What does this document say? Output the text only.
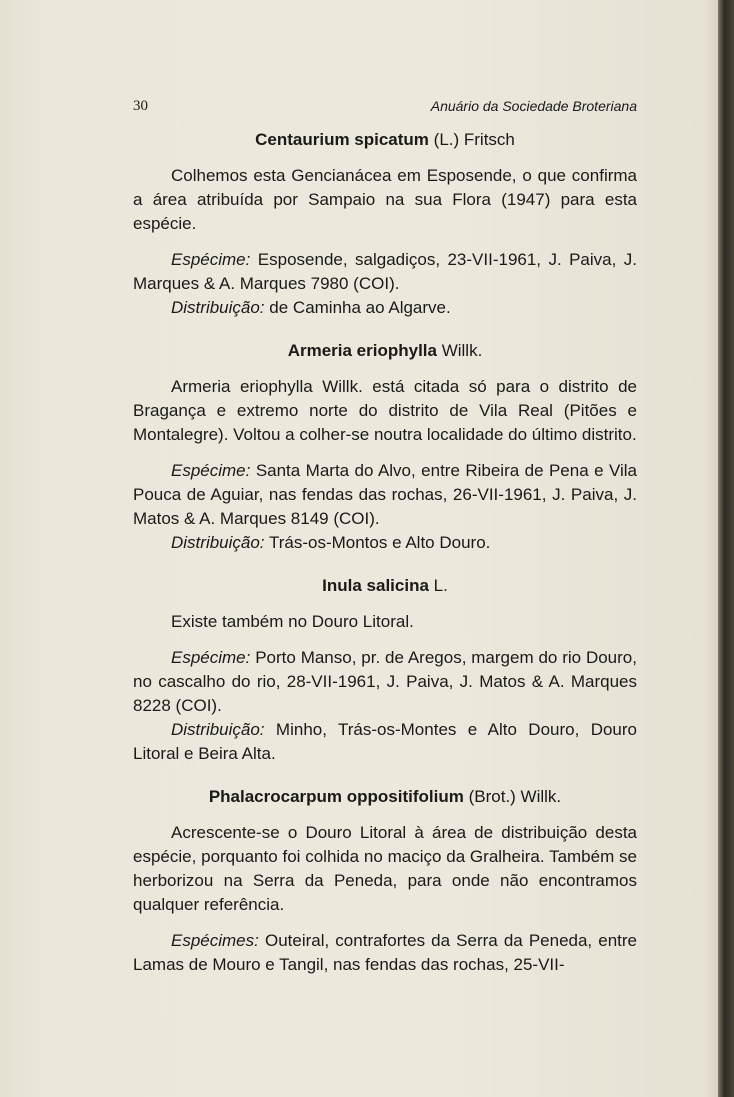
30	Anuário da Sociedade Broteriana
Centaurium spicatum (L.) Fritsch

Colhemos esta Gencianácea em Esposende, o que confirma a área atribuída por Sampaio na sua Flora (1947) para esta espécie.

Espécime: Esposende, salgadiços, 23-VII-1961, J. Paiva, J. Marques & A. Marques 7980 (COI).

Distribuição: de Caminha ao Algarve.

Armeria eriophylla Willk.

Armeria eriophylla Willk. está citada só para o distrito de Bragança e extremo norte do distrito de Vila Real (Pitões e Montalegre). Voltou a colher-se noutra localidade do último distrito.

Espécime: Santa Marta do Alvo, entre Ribeira de Pena e Vila Pouca de Aguiar, nas fendas das rochas, 26-VII-1961, J. Paiva, J. Matos & A. Marques 8149 (COI).

Distribuição: Trás-os-Montos e Alto Douro.

Inula salicina L.

Existe também no Douro Litoral.

Espécime: Porto Manso, pr. de Aregos, margem do rio Douro, no cascalho do rio, 28-VII-1961, J. Paiva, J. Matos & A. Marques 8228 (COI).

Distribuição: Minho, Trás-os-Montes e Alto Douro, Douro Litoral e Beira Alta.

Phalacrocarpum oppositifolium (Brot.) Willk.

Acrescente-se o Douro Litoral à área de distribuição desta espécie, porquanto foi colhida no maciço da Gralheira. Também se herborizou na Serra da Peneda, para onde não encontramos qualquer referência.

Espécimes: Outeiral, contrafortes da Serra da Peneda, entre Lamas de Mouro e Tangil, nas fendas das rochas, 25-VII-
